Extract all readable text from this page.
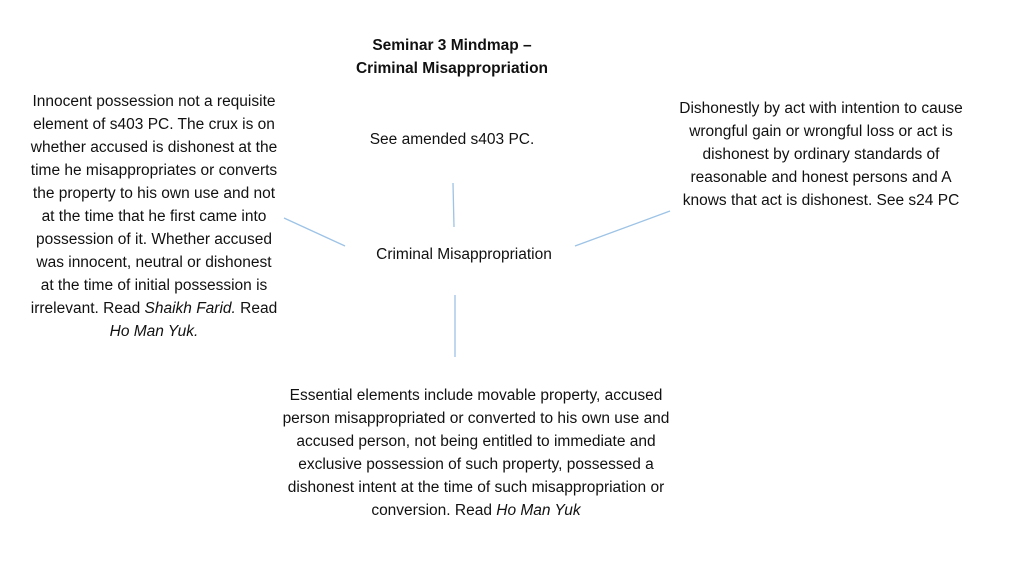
Seminar 3 Mindmap –
Criminal Misappropriation
See amended s403 PC.
Criminal Misappropriation
Innocent possession not a requisite element of s403 PC. The crux is on whether accused is dishonest at the time he misappropriates or converts the property to his own use and not at the time that he first came into possession of it. Whether accused was innocent, neutral or dishonest at the time of initial possession is irrelevant. Read Shaikh Farid. Read Ho Man Yuk.
Dishonestly by act with intention to cause wrongful gain or wrongful loss or act is dishonest by ordinary standards of reasonable and honest persons and A knows that act is dishonest. See s24 PC
Essential elements include movable property, accused person misappropriated or converted to his own use and accused person, not being entitled to immediate and exclusive possession of such property, possessed a dishonest intent at the time of such misappropriation or conversion. Read Ho Man Yuk
